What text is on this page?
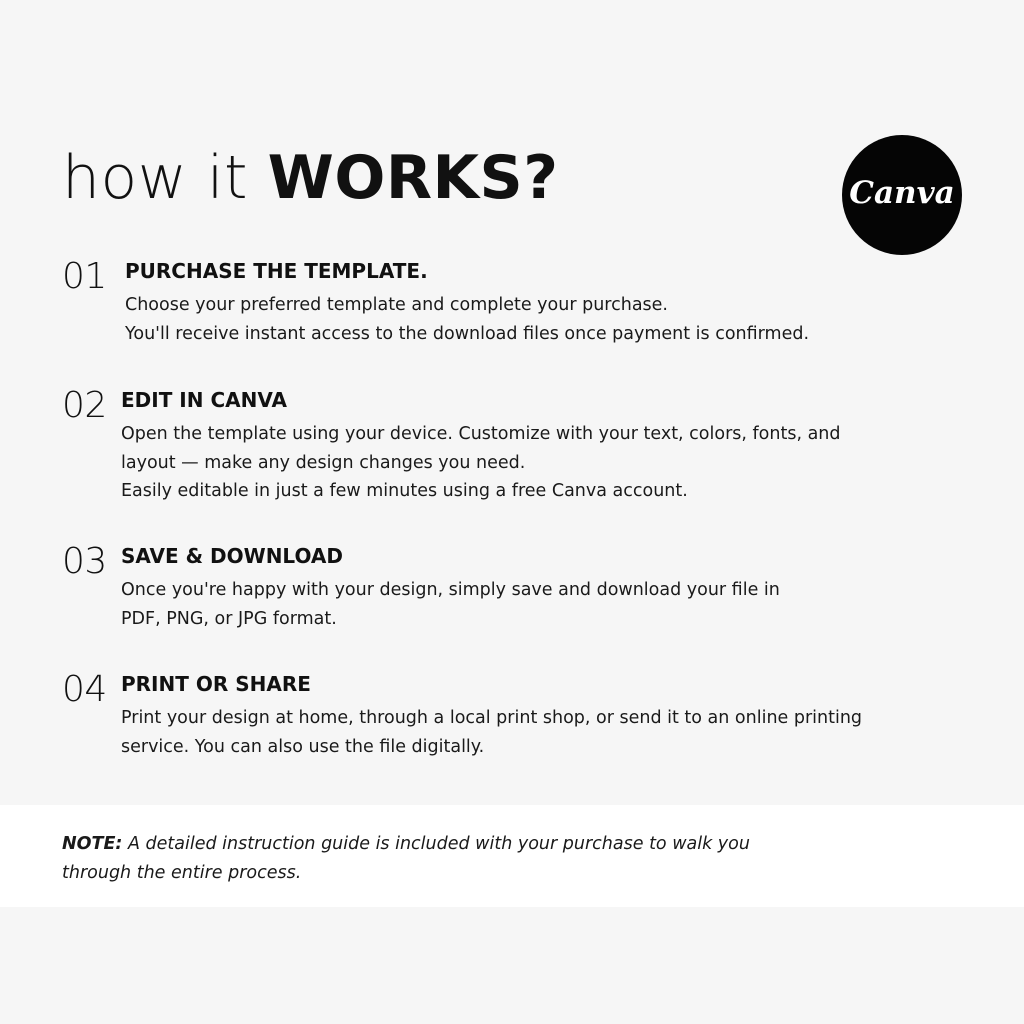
how it WORKS?	Canva
01 PURCHASE THE TEMPLATE.
Choose your preferred template and complete your purchase.
You'll receive instant access to the download files once payment is confirmed.
02 EDIT IN CANVA
Open the template using your device. Customize with your text, colors, fonts, and
layout — make any design changes you need.
Easily editable in just a few minutes using a free Canva account.
03 SAVE & DOWNLOAD
Once you're happy with your design, simply save and download your file in
PDF, PNG, or JPG format.
04 PRINT OR SHARE
Print your design at home, through a local print shop, or send it to an online printing
service. You can also use the file digitally.
NOTE: A detailed instruction guide is included with your purchase to walk you
through the entire process.
